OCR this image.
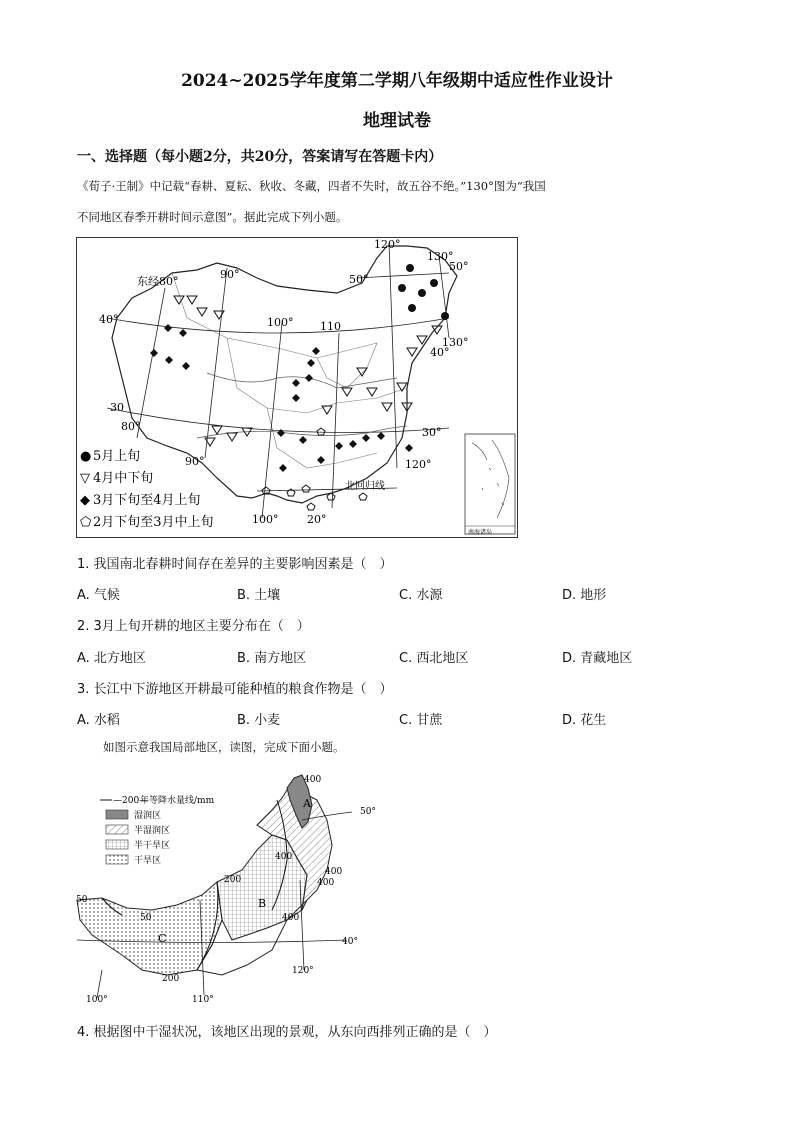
2024~2025学年度第二学期八年级期中适应性作业设计
地理试卷
一、选择题（每小题2分，共20分，答案请写在答题卡内）
《荀子·王制》中记载“春耕、夏耘、秋收、冬藏，四者不失时，故五谷不绝。”130°图为“我国
不同地区春季开耕时间示意图”。据此完成下列小题。
东经80°
90°
100° 110
120°
130°
40°
30
80°
90°
100°	20°
50°
50°
130°
40°
30°
120°
北回归线
南海诸岛
● 5月上旬
▽ 4月中下旬
◆ 3月下旬至4月上旬
⬠ 2月下旬至3月中上旬
1. 我国南北春耕时间存在差异的主要影响因素是（　）
A. 气候	B. 土壤	C. 水源	D. 地形
2. 3月上旬开耕的地区主要分布在（　）
A. 北方地区	B. 南方地区	C. 西北地区	D. 青藏地区
3. 长江中下游地区开耕最可能种植的粮食作物是（　）
A. 水稻	B. 小麦	C. 甘蔗	D. 花生
如图示意我国局部地区，读图，完成下面小题。
—200—
年等降水量线/mm
湿润区
半湿润区
半干旱区
干旱区
400
A
50°
400
400
400
400
B
200
200
50
50
C	40°
100°	110°
120°
4. 根据图中干湿状况，该地区出现的景观，从东向西排列正确的是（　）
